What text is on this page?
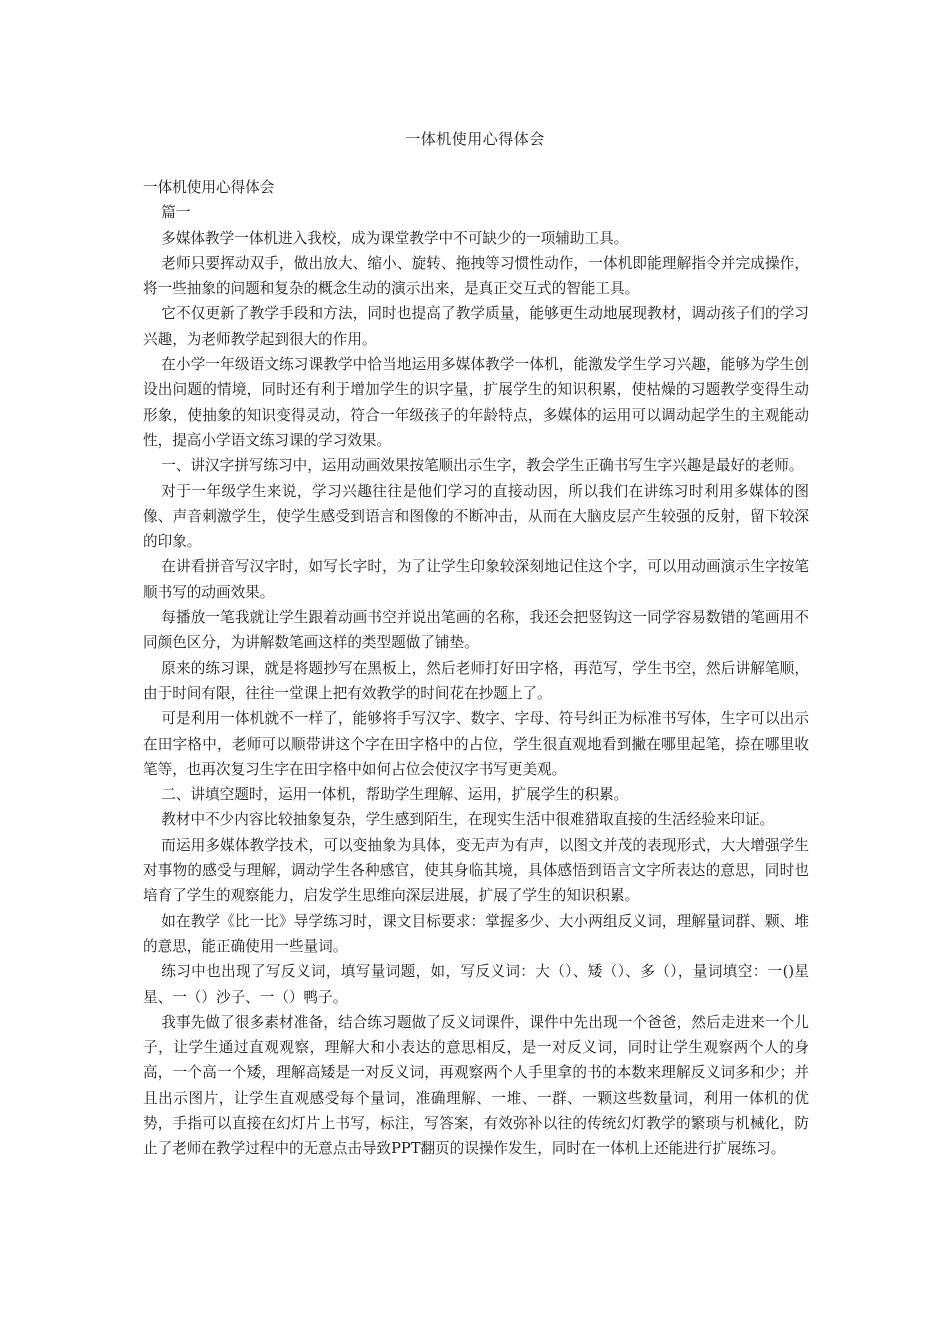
一体机使用心得体会

一体机使用心得体会

篇一

多媒体教学一体机进入我校，成为课堂教学中不可缺少的一项辅助工具。

老师只要挥动双手，做出放大、缩小、旋转、拖拽等习惯性动作，一体机即能理解指令并完成操作，将一些抽象的问题和复杂的概念生动的演示出来，是真正交互式的智能工具。

它不仅更新了教学手段和方法，同时也提高了教学质量，能够更生动地展现教材，调动孩子们的学习兴趣，为老师教学起到很大的作用。

在小学一年级语文练习课教学中恰当地运用多媒体教学一体机，能激发学生学习兴趣，能够为学生创设出问题的情境，同时还有利于增加学生的识字量，扩展学生的知识积累，使枯燥的习题教学变得生动形象，使抽象的知识变得灵动，符合一年级孩子的年龄特点，多媒体的运用可以调动起学生的主观能动性，提高小学语文练习课的学习效果。

一、讲汉字拼写练习中，运用动画效果按笔顺出示生字，教会学生正确书写生字兴趣是最好的老师。

对于一年级学生来说，学习兴趣往往是他们学习的直接动因，所以我们在讲练习时利用多媒体的图像、声音刺激学生，使学生感受到语言和图像的不断冲击，从而在大脑皮层产生较强的反射，留下较深的印象。

在讲看拼音写汉字时，如写长字时，为了让学生印象较深刻地记住这个字，可以用动画演示生字按笔顺书写的动画效果。

每播放一笔我就让学生跟着动画书空并说出笔画的名称，我还会把竖钩这一同学容易数错的笔画用不同颜色区分，为讲解数笔画这样的类型题做了铺垫。

原来的练习课，就是将题抄写在黑板上，然后老师打好田字格，再范写，学生书空，然后讲解笔顺，由于时间有限，往往一堂课上把有效教学的时间花在抄题上了。

可是利用一体机就不一样了，能够将手写汉字、数字、字母、符号纠正为标准书写体，生字可以出示在田字格中，老师可以顺带讲这个字在田字格中的占位，学生很直观地看到撇在哪里起笔，捺在哪里收笔等，也再次复习生字在田字格中如何占位会使汉字书写更美观。

二、讲填空题时，运用一体机，帮助学生理解、运用，扩展学生的积累。

教材中不少内容比较抽象复杂，学生感到陌生，在现实生活中很难猎取直接的生活经验来印证。

而运用多媒体教学技术，可以变抽象为具体，变无声为有声，以图文并茂的表现形式，大大增强学生对事物的感受与理解，调动学生各种感官，使其身临其境，具体感悟到语言文字所表达的意思，同时也培育了学生的观察能力，启发学生思维向深层进展，扩展了学生的知识积累。

如在教学《比一比》导学练习时，课文目标要求：掌握多少、大小两组反义词，理解量词群、颗、堆的意思，能正确使用一些量词。

练习中也出现了写反义词，填写量词题，如，写反义词：大（）、矮（）、多（），量词填空：一()星星、一（）沙子、一（）鸭子。

我事先做了很多素材准备，结合练习题做了反义词课件，课件中先出现一个爸爸，然后走进来一个儿子，让学生通过直观观察，理解大和小表达的意思相反，是一对反义词，同时让学生观察两个人的身高，一个高一个矮，理解高矮是一对反义词，再观察两个人手里拿的书的本数来理解反义词多和少；并且出示图片，让学生直观感受每个量词，准确理解、一堆、一群、一颗这些数量词，利用一体机的优势，手指可以直接在幻灯片上书写，标注，写答案，有效弥补以往的传统幻灯教学的繁琐与机械化，防止了老师在教学过程中的无意点击导致PPT翻页的误操作发生，同时在一体机上还能进行扩展练习。
